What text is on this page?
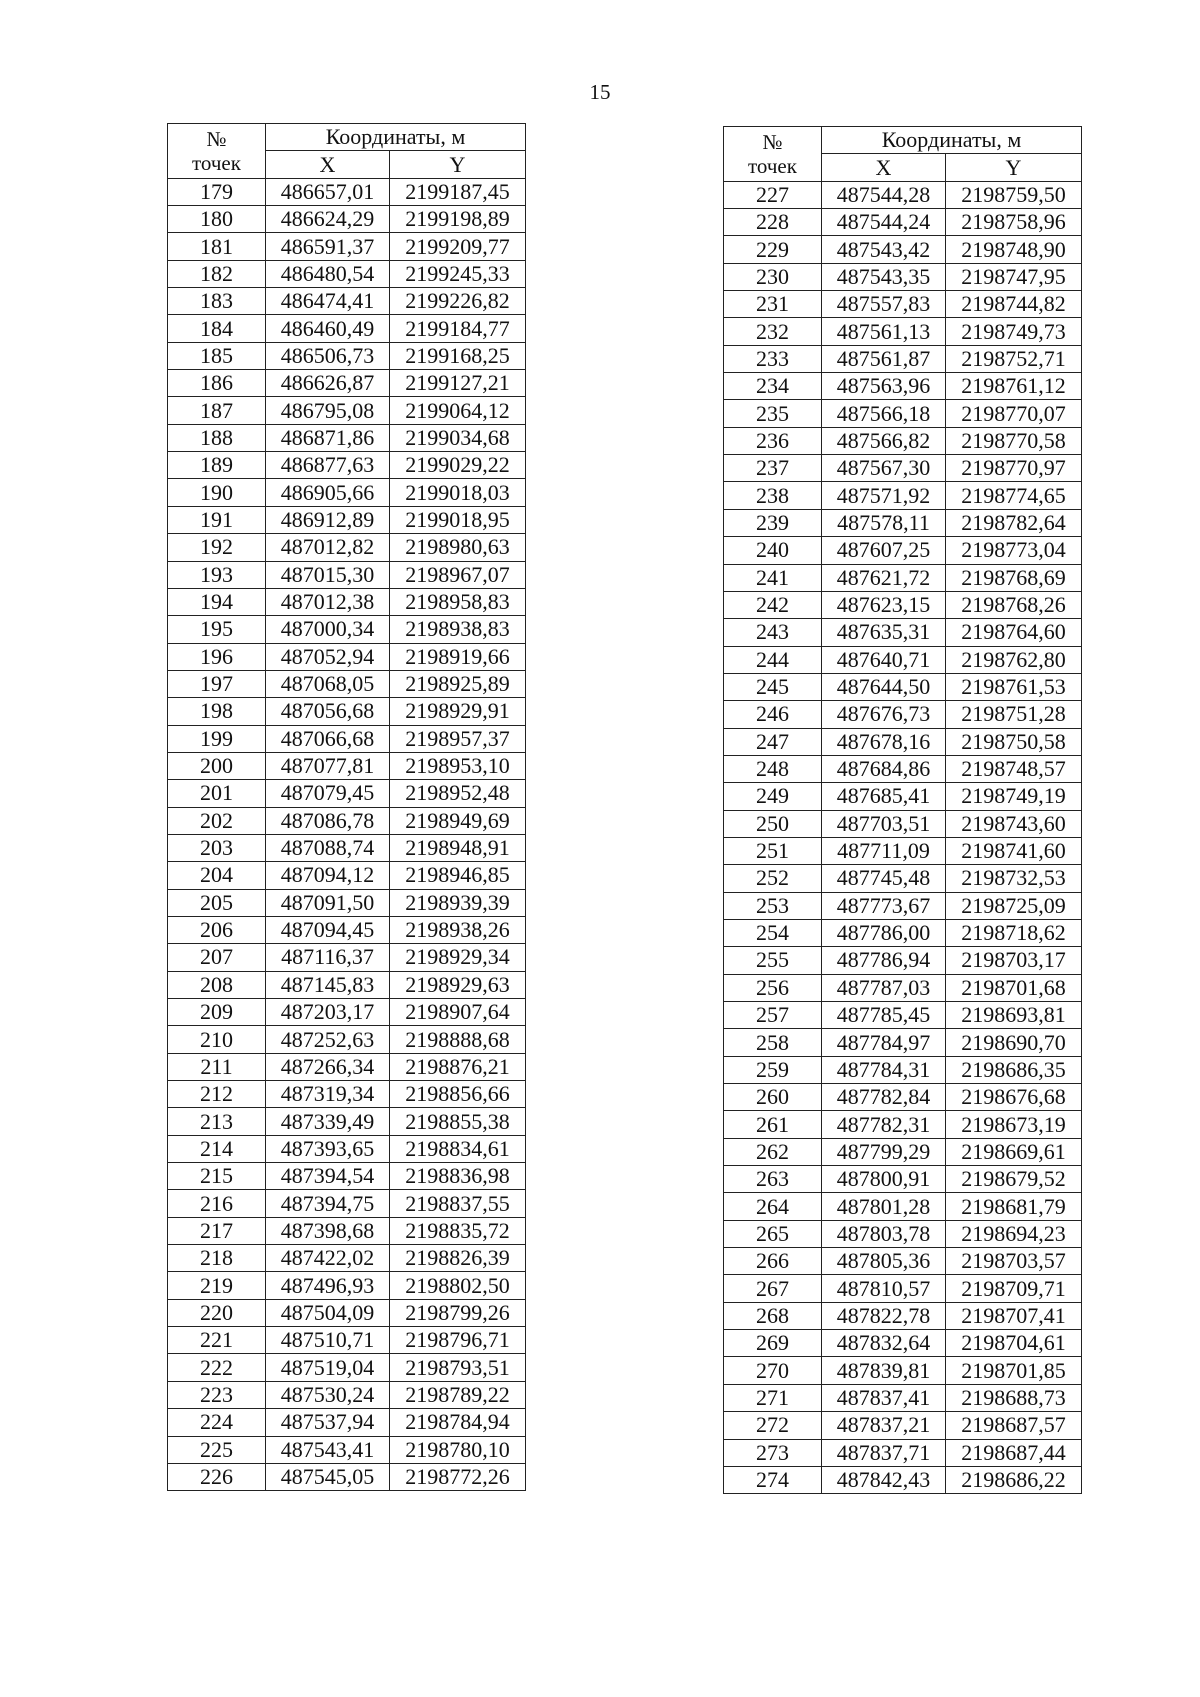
15
№
точек	Координаты, м	
	X	Y
179	486657,01	2199187,45
180	486624,29	2199198,89
181	486591,37	2199209,77
182	486480,54	2199245,33
183	486474,41	2199226,82
184	486460,49	2199184,77
185	486506,73	2199168,25
186	486626,87	2199127,21
187	486795,08	2199064,12
188	486871,86	2199034,68
189	486877,63	2199029,22
190	486905,66	2199018,03
191	486912,89	2199018,95
192	487012,82	2198980,63
193	487015,30	2198967,07
194	487012,38	2198958,83
195	487000,34	2198938,83
196	487052,94	2198919,66
197	487068,05	2198925,89
198	487056,68	2198929,91
199	487066,68	2198957,37
200	487077,81	2198953,10
201	487079,45	2198952,48
202	487086,78	2198949,69
203	487088,74	2198948,91
204	487094,12	2198946,85
205	487091,50	2198939,39
206	487094,45	2198938,26
207	487116,37	2198929,34
208	487145,83	2198929,63
209	487203,17	2198907,64
210	487252,63	2198888,68
211	487266,34	2198876,21
212	487319,34	2198856,66
213	487339,49	2198855,38
214	487393,65	2198834,61
215	487394,54	2198836,98
216	487394,75	2198837,55
217	487398,68	2198835,72
218	487422,02	2198826,39
219	487496,93	2198802,50
220	487504,09	2198799,26
221	487510,71	2198796,71
222	487519,04	2198793,51
223	487530,24	2198789,22
224	487537,94	2198784,94
225	487543,41	2198780,10
226	487545,05	2198772,26
№
точек	Координаты, м	
	X	Y
227	487544,28	2198759,50
228	487544,24	2198758,96
229	487543,42	2198748,90
230	487543,35	2198747,95
231	487557,83	2198744,82
232	487561,13	2198749,73
233	487561,87	2198752,71
234	487563,96	2198761,12
235	487566,18	2198770,07
236	487566,82	2198770,58
237	487567,30	2198770,97
238	487571,92	2198774,65
239	487578,11	2198782,64
240	487607,25	2198773,04
241	487621,72	2198768,69
242	487623,15	2198768,26
243	487635,31	2198764,60
244	487640,71	2198762,80
245	487644,50	2198761,53
246	487676,73	2198751,28
247	487678,16	2198750,58
248	487684,86	2198748,57
249	487685,41	2198749,19
250	487703,51	2198743,60
251	487711,09	2198741,60
252	487745,48	2198732,53
253	487773,67	2198725,09
254	487786,00	2198718,62
255	487786,94	2198703,17
256	487787,03	2198701,68
257	487785,45	2198693,81
258	487784,97	2198690,70
259	487784,31	2198686,35
260	487782,84	2198676,68
261	487782,31	2198673,19
262	487799,29	2198669,61
263	487800,91	2198679,52
264	487801,28	2198681,79
265	487803,78	2198694,23
266	487805,36	2198703,57
267	487810,57	2198709,71
268	487822,78	2198707,41
269	487832,64	2198704,61
270	487839,81	2198701,85
271	487837,41	2198688,73
272	487837,21	2198687,57
273	487837,71	2198687,44
274	487842,43	2198686,22
